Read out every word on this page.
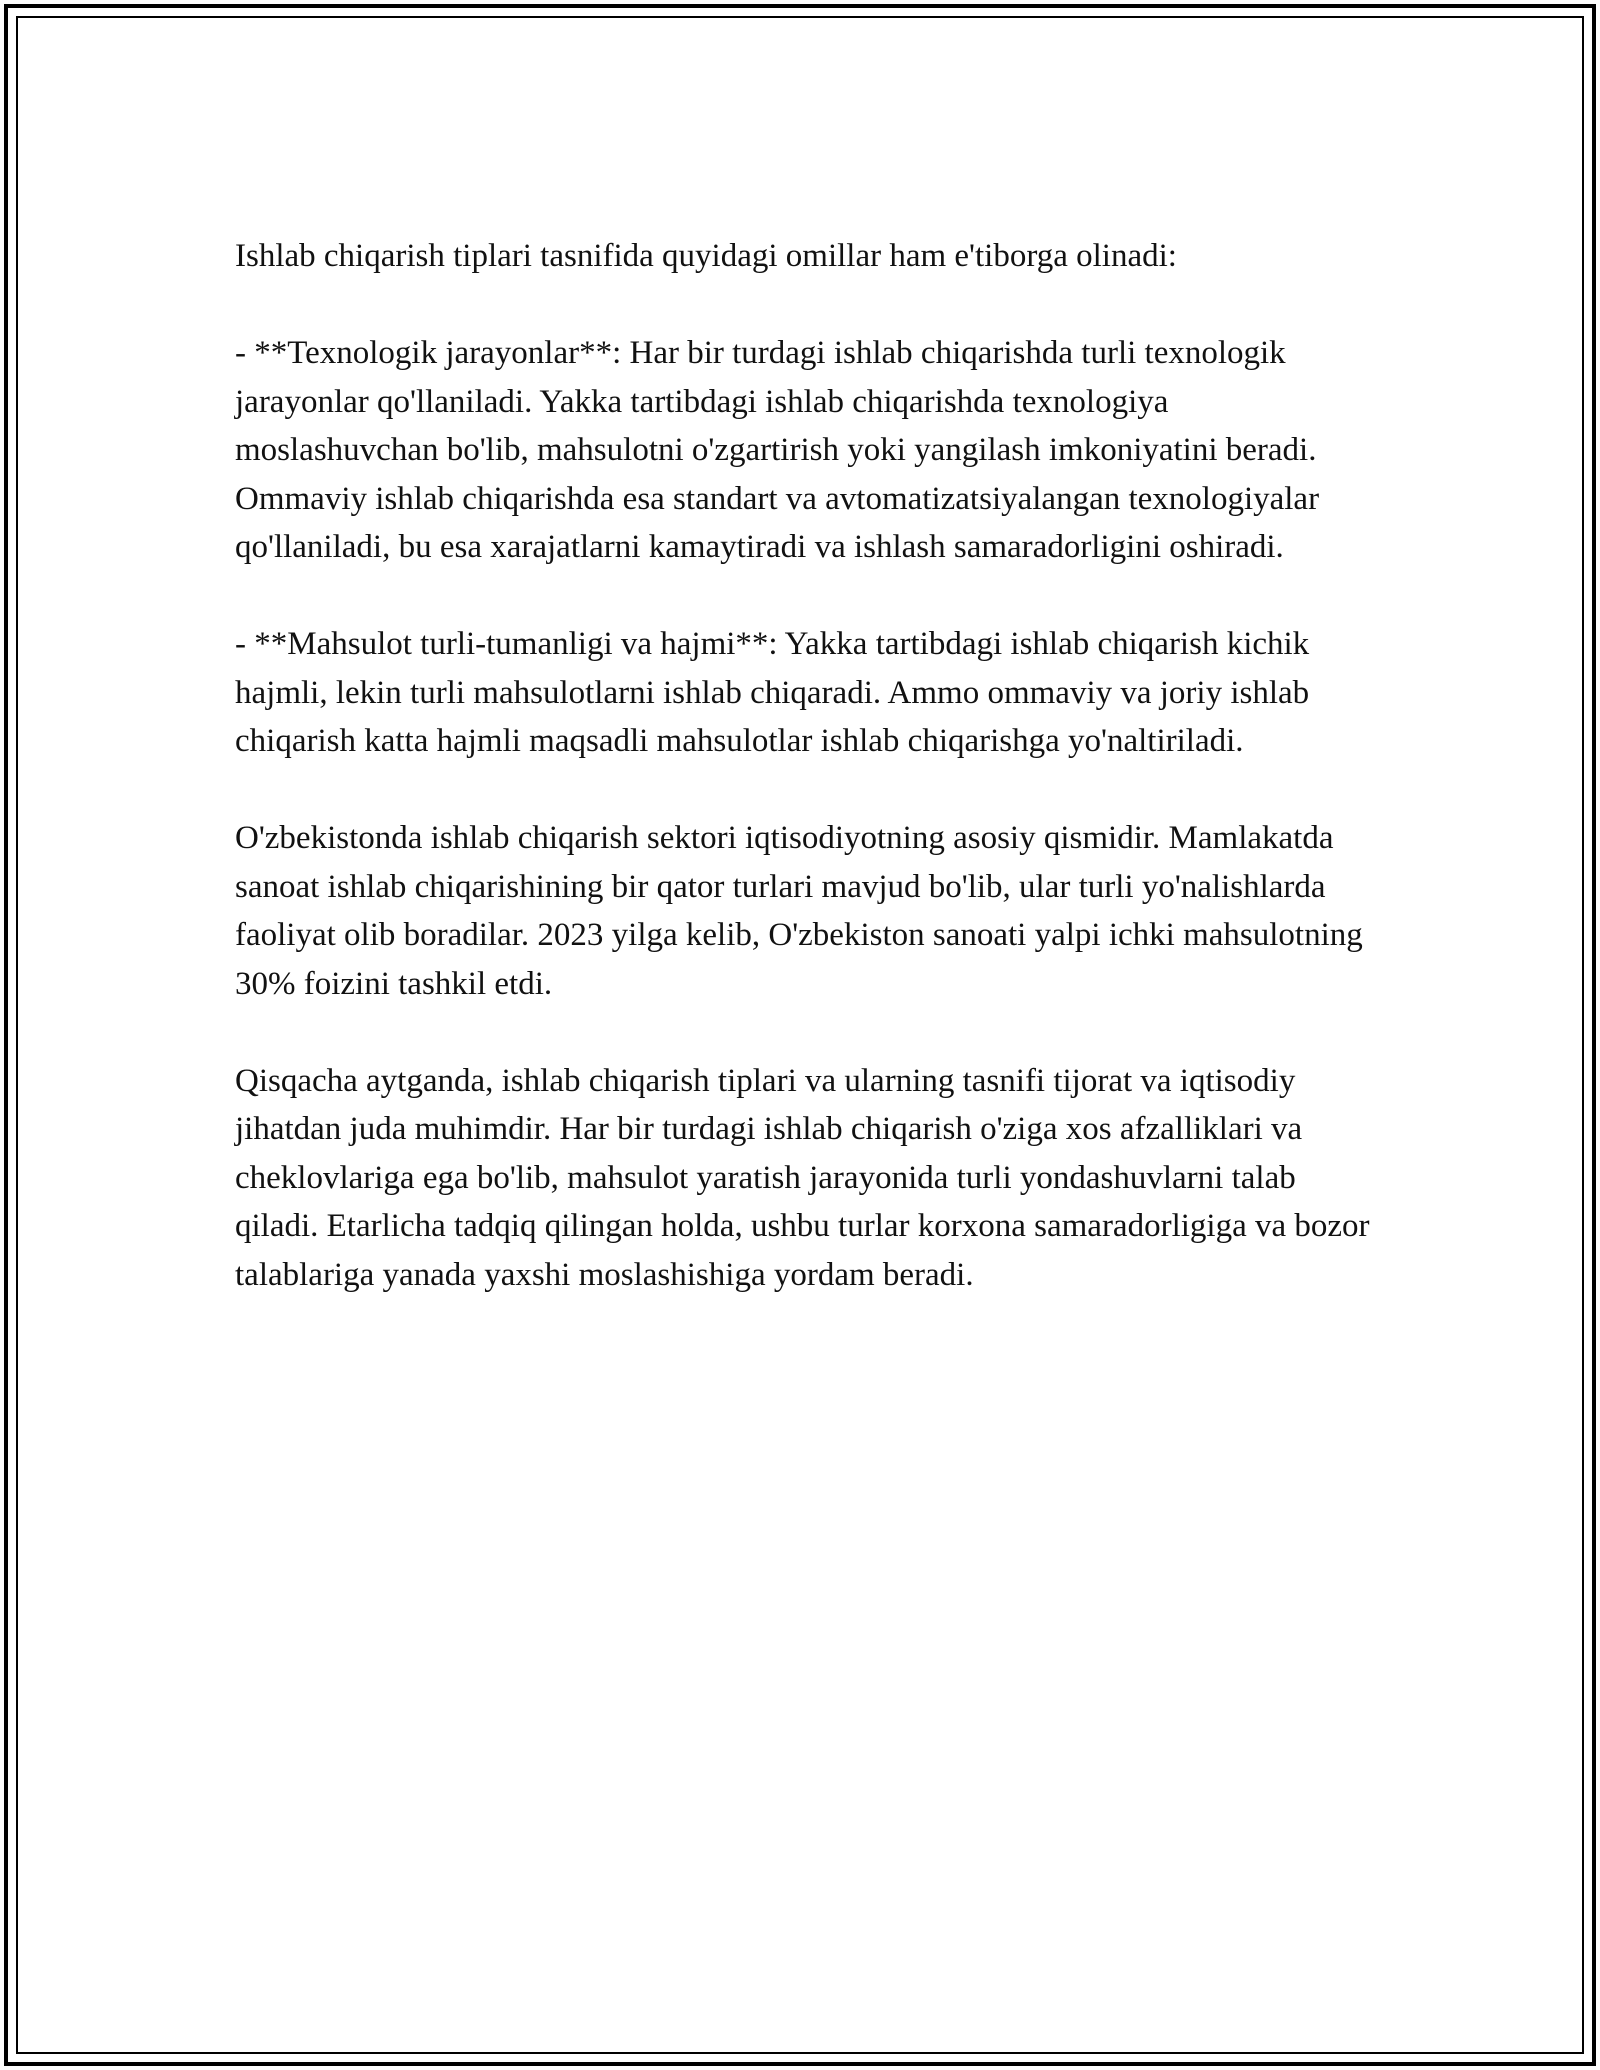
Ishlab chiqarish tiplari tasnifida quyidagi omillar ham e'tiborga olinadi:

- **Texnologik jarayonlar**: Har bir turdagi ishlab chiqarishda turli texnologik jarayonlar qo'llaniladi. Yakka tartibdagi ishlab chiqarishda texnologiya moslashuvchan bo'lib, mahsulotni o'zgartirish yoki yangilash imkoniyatini beradi. Ommaviy ishlab chiqarishda esa standart va avtomatizatsiyalangan texnologiyalar qo'llaniladi, bu esa xarajatlarni kamaytiradi va ishlash samaradorligini oshiradi.

- **Mahsulot turli-tumanligi va hajmi**: Yakka tartibdagi ishlab chiqarish kichik hajmli, lekin turli mahsulotlarni ishlab chiqaradi. Ammo ommaviy va joriy ishlab chiqarish katta hajmli maqsadli mahsulotlar ishlab chiqarishga yo'naltiriladi.

O'zbekistonda ishlab chiqarish sektori iqtisodiyotning asosiy qismidir. Mamlakatda sanoat ishlab chiqarishining bir qator turlari mavjud bo'lib, ular turli yo'nalishlarda faoliyat olib boradilar. 2023 yilga kelib, O'zbekiston sanoati yalpi ichki mahsulotning 30% foizini tashkil etdi.

Qisqacha aytganda, ishlab chiqarish tiplari va ularning tasnifi tijorat va iqtisodiy jihatdan juda muhimdir. Har bir turdagi ishlab chiqarish o'ziga xos afzalliklari va cheklovlariga ega bo'lib, mahsulot yaratish jarayonida turli yondashuvlarni talab qiladi. Etarlicha tadqiq qilingan holda, ushbu turlar korxona samaradorligiga va bozor talablariga yanada yaxshi moslashishiga yordam beradi.
